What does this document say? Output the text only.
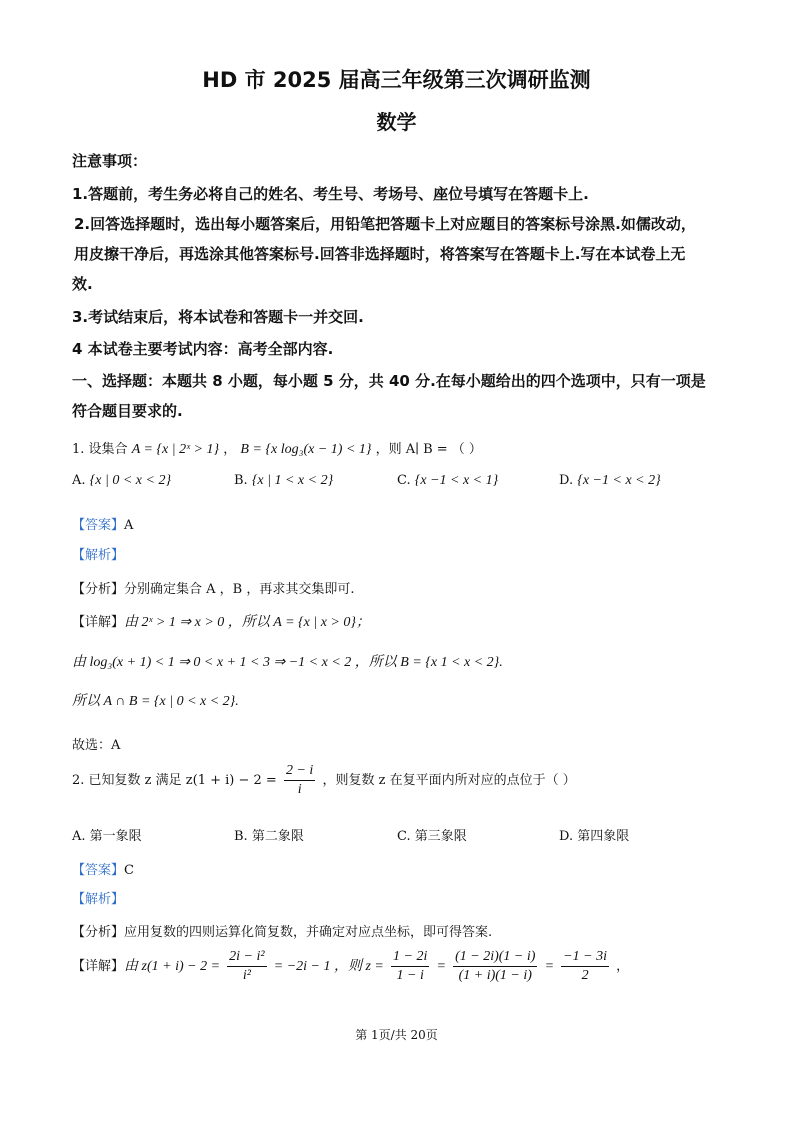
HD 市 2025 届高三年级第三次调研监测
数学
注意事项：
1.答题前，考生务必将自己的姓名、考生号、考场号、座位号填写在答题卡上.
2.回答选择题时，选出每小题答案后，用铅笔把答题卡上对应题目的答案标号涂黑.如儒改动，
用皮擦干净后，再选涂其他答案标号.回答非选择题时，将答案写在答题卡上.写在本试卷上无
效.
3.考试结束后，将本试卷和答题卡一并交回.
4 本试卷主要考试内容：高考全部内容.
一、选择题：本题共 8 小题，每小题 5 分，共 40 分.在每小题给出的四个选项中，只有一项是
符合题目要求的.
1. 设集合 A = {x | 2ˣ > 1} ， B = {x log₃(x − 1) < 1} ，则 A∣ B = （ ）
A. {x | 0 < x < 2}	B. {x | 1 < x < 2}	C. {x −1 < x < 1}	D. {x −1 < x < 2}
【答案】A
【解析】
【分析】分别确定集合 A ，B ，再求其交集即可.
【详解】由 2ˣ > 1 ⇒ x > 0 ，所以 A = {x | x > 0}；
由 log₃(x + 1) < 1 ⇒ 0 < x + 1 < 3 ⇒ −1 < x < 2 ，所以 B = {x 1 < x < 2}.
所以 A ∩ B = {x | 0 < x < 2}.
故选：A
2. 已知复数 z 满足 $z(1 + i) - 2 = \frac{2 - i}{i}$ ，则复数 z 在复平面内所对应的点位于（ ）
A. 第一象限	B. 第二象限	C. 第三象限	D. 第四象限
【答案】C
【解析】
【分析】应用复数的四则运算化简复数，并确定对应点坐标，即可得答案.
【详解】由 $z(1 + i) - 2 = \frac{\text{2i − i²}}{\text{i²}} = -2i - 1$ ，则 $z = \frac{1 - 2i}{1 - i} = \frac{(1 - 2i)(1 - i)}{(1 + i)(1 - i)} = \frac{-1 - 3i}{2}$ ，
第 1页/共 20页
